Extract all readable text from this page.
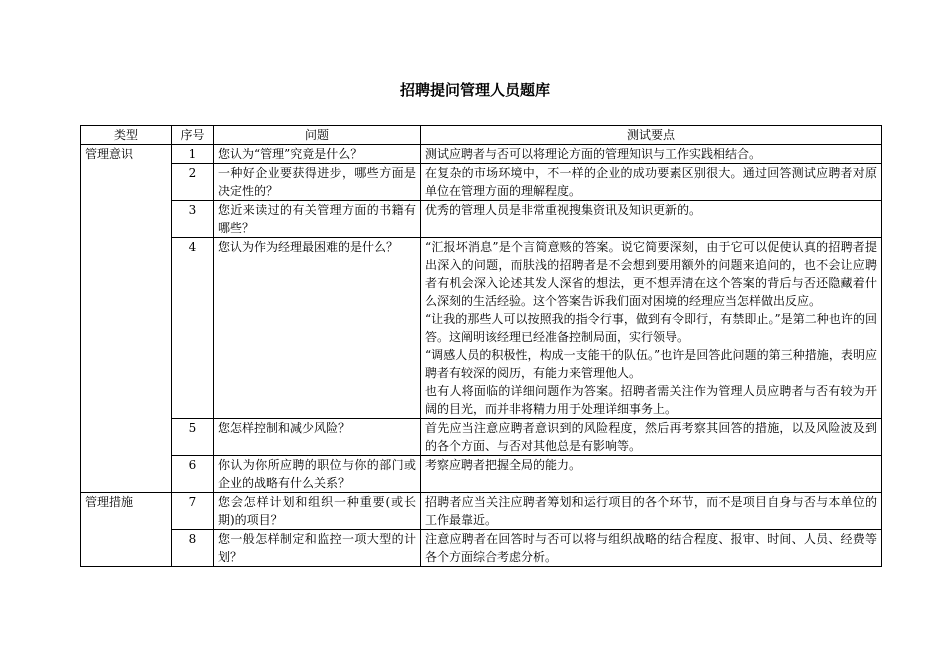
招聘提问管理人员题库
类型	序号	问题	测试要点
管理意识	1	您认为“管理”究竟是什么？	测试应聘者与否可以将理论方面的管理知识与工作实践相结合。

	2	一种好企业要获得进步，哪些方面是决定性的？	在复杂的市场环境中，不一样的企业的成功要素区别很大。通过回答测试应聘者对原单位在管理方面的理解程度。

	3	您近来读过的有关管理方面的书籍有哪些？	优秀的管理人员是非常重视搜集资讯及知识更新的。

	4	您认为作为经理最困难的是什么？	“汇报坏消息”是个言简意赅的答案。说它简要深刻，由于它可以促使认真的招聘者提出深入的问题，而肤浅的招聘者是不会想到要用额外的问题来追问的，也不会让应聘者有机会深入论述其发人深省的想法，更不想弄清在这个答案的背后与否还隐藏着什么深刻的生活经验。这个答案告诉我们面对困境的经理应当怎样做出反应。
“让我的那些人可以按照我的指令行事，做到有令即行，有禁即止。”是第二种也许的回答。这阐明该经理已经准备控制局面，实行领导。
“调感人员的积极性，构成一支能干的队伍。”也许是回答此问题的第三种措施，表明应聘者有较深的阅历，有能力来管理他人。
也有人将面临的详细问题作为答案。招聘者需关注作为管理人员应聘者与否有较为开阔的目光，而并非将精力用于处理详细事务上。

	5	您怎样控制和减少风险？	首先应当注意应聘者意识到的风险程度，然后再考察其回答的措施，以及风险波及到的各个方面、与否对其他总是有影响等。

	6	你认为你所应聘的职位与你的部门或企业的战略有什么关系？	考察应聘者把握全局的能力。

管理措施	7	您会怎样计划和组织一种重要(或长期)的项目？	招聘者应当关注应聘者筹划和运行项目的各个环节，而不是项目自身与否与本单位的工作最靠近。

	8	您一般怎样制定和监控一项大型的计划？	注意应聘者在回答时与否可以将与组织战略的结合程度、报审、时间、人员、经费等各个方面综合考虑分析。
